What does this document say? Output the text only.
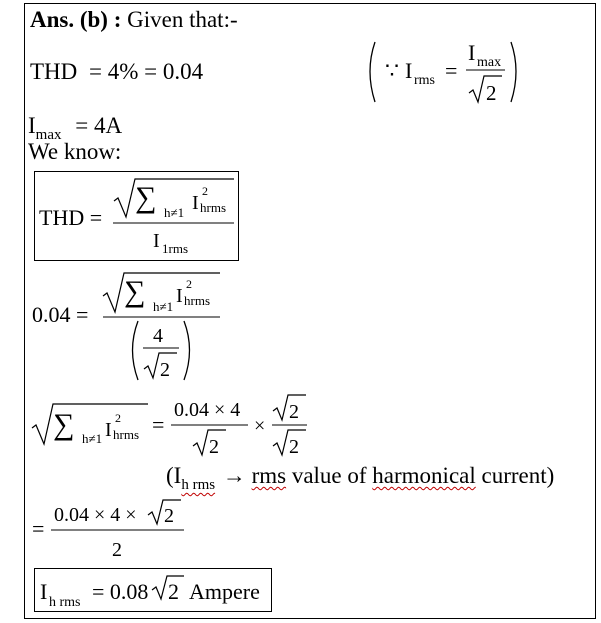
Ans. (b) : Given that:-
THD = 4% = 0.04	∵ I rms =
I max
2
$I_{max} = 4A$
We know:
THD =
∑ h≠1 I
2
hrms
I 1rms
0.04 =
∑ h≠1 I
2
hrms
4
2
∑ h≠1 I
2
hrms =
0.04 × 4
2
×
2
2
($I_{h rms}$ → rms value of harmonical current)
=
0.04 × 4 × 2
2
I h rms = 0.08 2 Ampere
